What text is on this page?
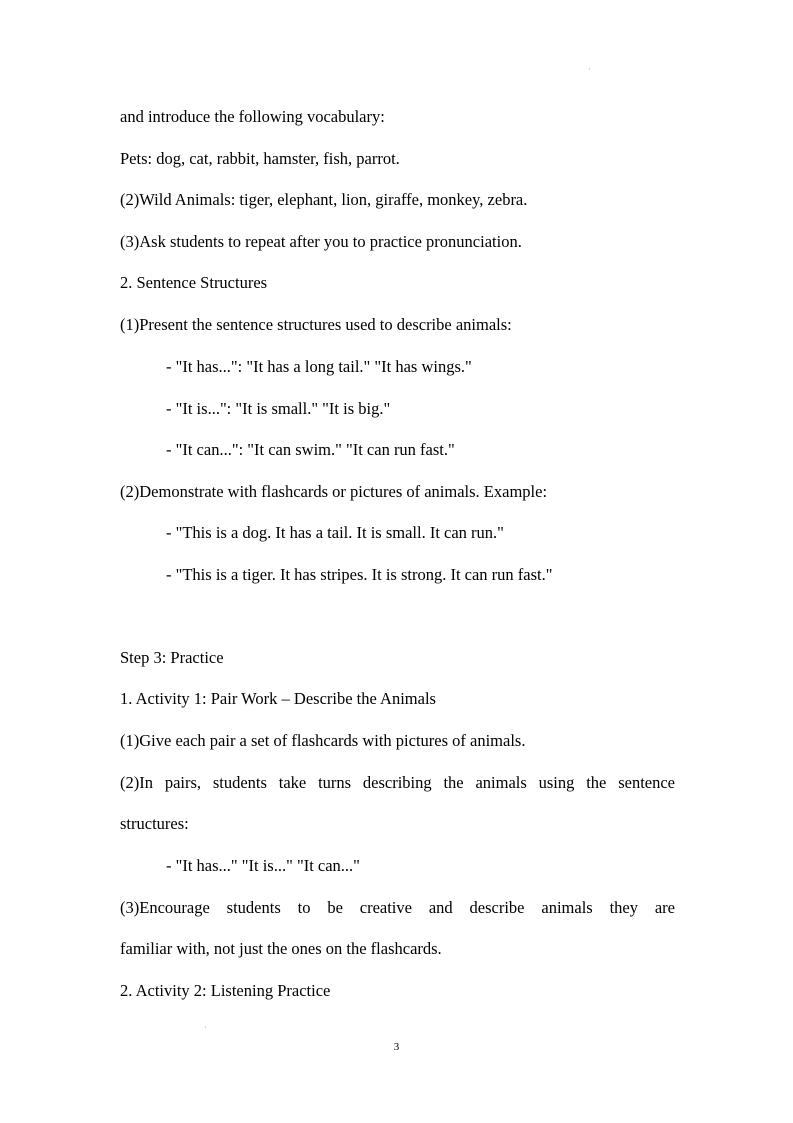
and introduce the following vocabulary:
Pets: dog, cat, rabbit, hamster, fish, parrot.
(2)Wild Animals: tiger, elephant, lion, giraffe, monkey, zebra.
(3)Ask students to repeat after you to practice pronunciation.
2. Sentence Structures
(1)Present the sentence structures used to describe animals:
- "It has...": "It has a long tail." "It has wings."
- "It is...": "It is small." "It is big."
- "It can...": "It can swim." "It can run fast."
(2)Demonstrate with flashcards or pictures of animals. Example:
- "This is a dog. It has a tail. It is small. It can run."
- "This is a tiger. It has stripes. It is strong. It can run fast."
Step 3: Practice
1. Activity 1: Pair Work – Describe the Animals
(1)Give each pair a set of flashcards with pictures of animals.
(2)In pairs, students take turns describing the animals using the sentence
structures:
- "It has..." "It is..." "It can..."
(3)Encourage students to be creative and describe animals they are
familiar with, not just the ones on the flashcards.
2. Activity 2: Listening Practice
3
